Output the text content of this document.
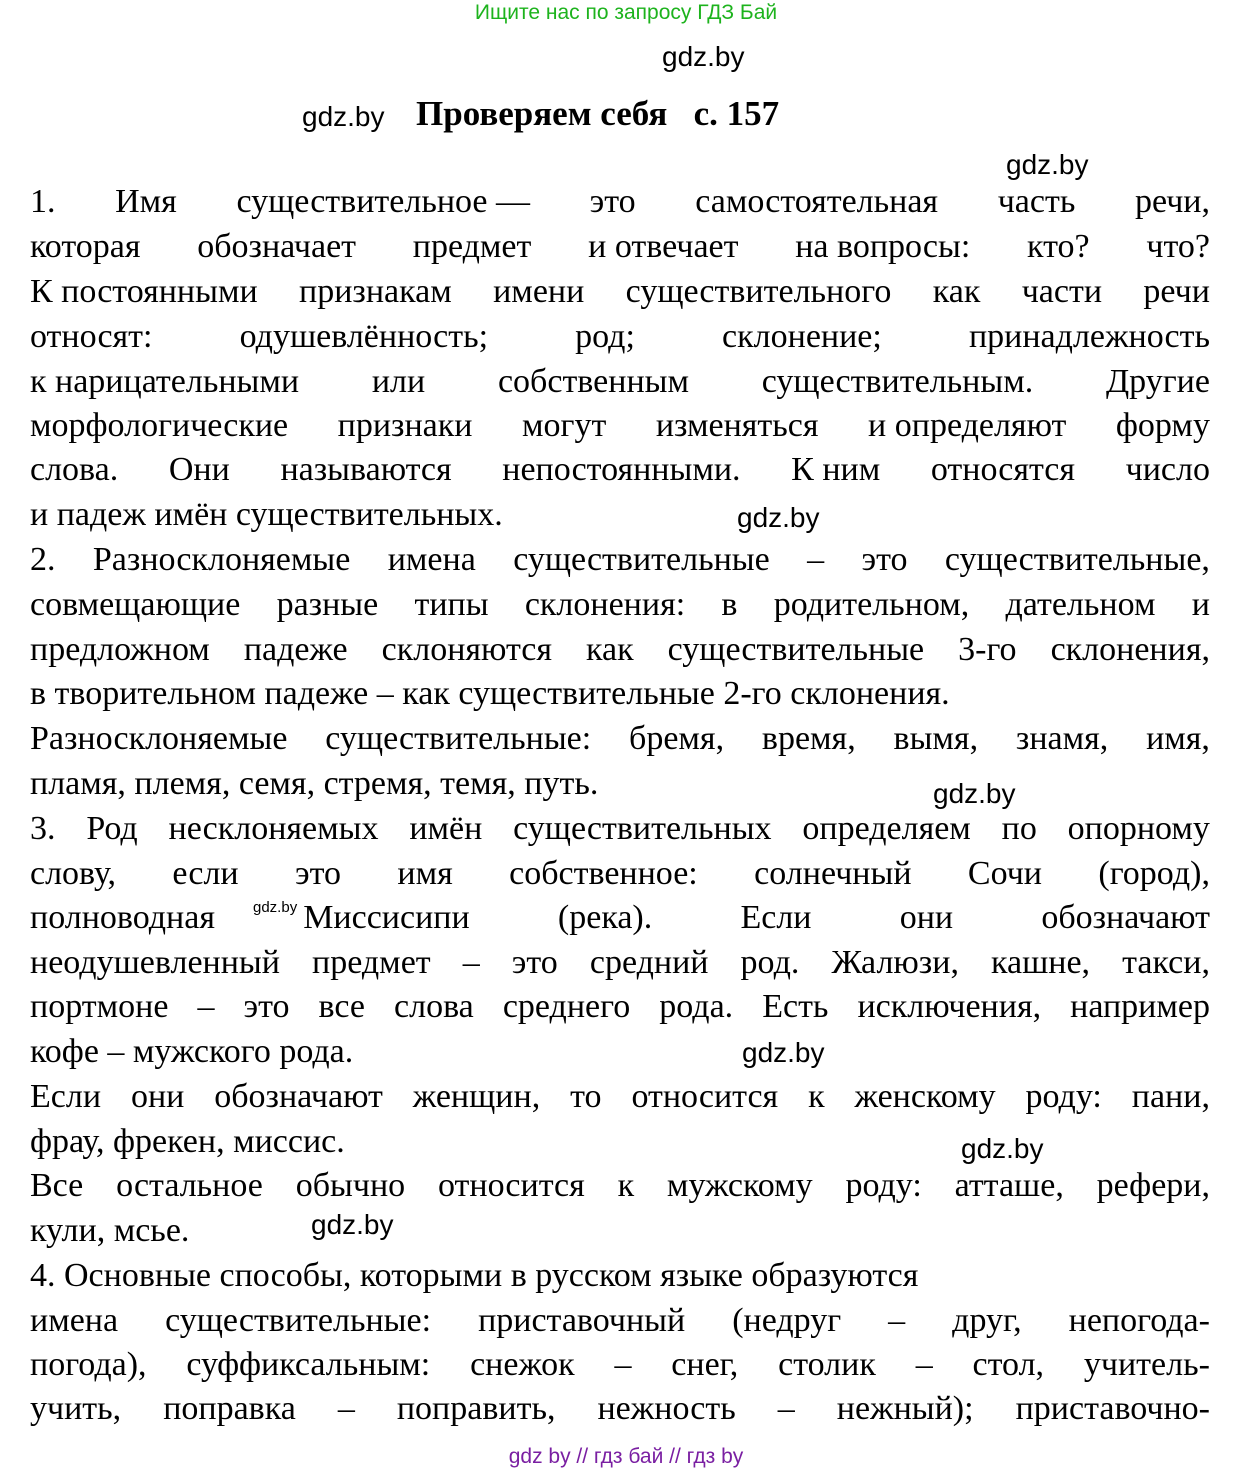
Ищите нас по запросу ГДЗ Бай
gdz.by
gdz.by Проверяем себя   с. 157
gdz.by
1. Имя существительное — это самостоятельная часть речи,
которая обозначает предмет и отвечает на вопросы: кто? что?
К постоянными признакам имени существительного как части речи
относят:	одушевлённость;	род;	склонение;	принадлежность
к нарицательными или собственным существительным. Другие
морфологические признаки могут изменяться и определяют форму
слова. Они называются непостоянными. К ним относятся число
и падеж имён существительных.
2. Разносклоняемые имена существительные – это существительные,
совмещающие разные типы склонения: в родительном, дательном и
предложном падеже склоняются как существительные 3-го склонения,
в творительном падеже – как существительные 2-го склонения.
Разносклоняемые существительные: бремя, время, вымя, знамя, имя,
пламя, племя, семя, стремя, темя, путь.
3. Род несклоняемых имён существительных определяем по опорному
слову, если это имя собственное: солнечный Сочи (город),
полноводная	Миссисипи	(река).	Если	они	обозначают
неодушевленный предмет – это средний род. Жалюзи, кашне, такси,
портмоне – это все слова среднего рода. Есть исключения, например
кофе – мужского рода.
Если они обозначают женщин, то относится к женскому роду: пани,
фрау, фрекен, миссис.
Все остальное обычно относится к мужскому роду: атташе, рефери,
кули, мсье.
4. Основные способы, которыми в русском языке образуются
имена существительные: приставочный (недруг – друг, непогода-
погода), суффиксальным: снежок – снег, столик – стол, учитель-
учить, поправка – поправить, нежность – нежный); приставочно-
gdz.by
gdz.by
gdz.by
gdz.by
gdz.by
gdz.by
gdz by // гдз бай // гдз by
